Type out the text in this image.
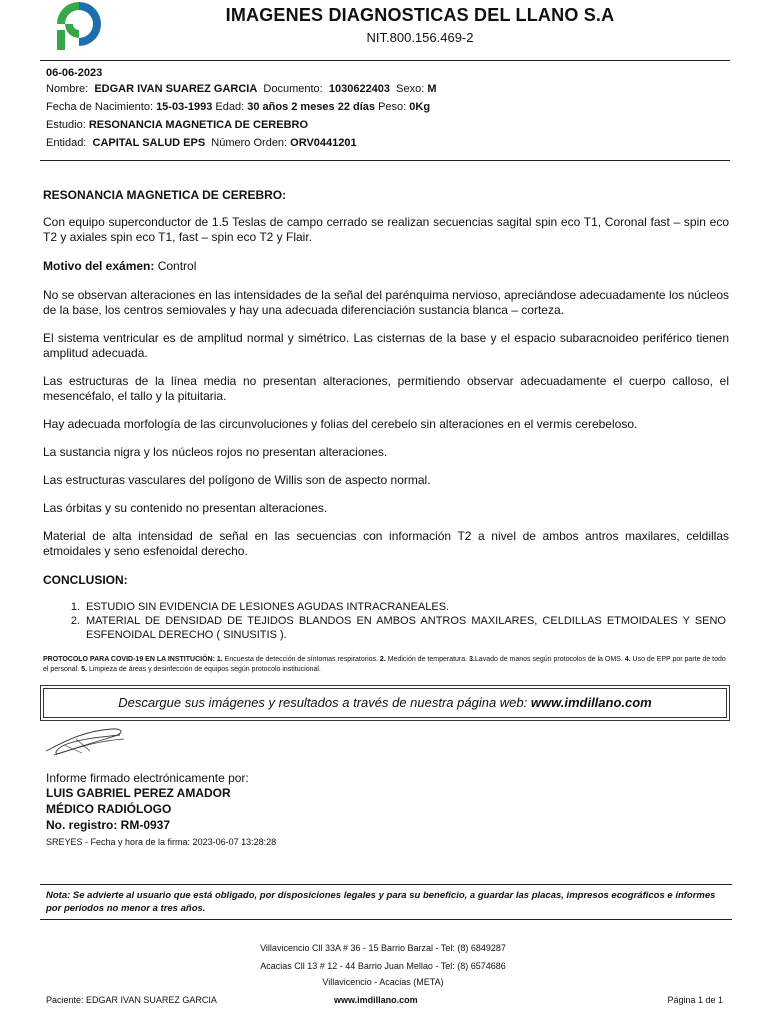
IMAGENES DIAGNOSTICAS DEL LLANO S.A
NIT.800.156.469-2
06-06-2023
Nombre: EDGAR IVAN SUAREZ GARCIA Documento: 1030622403 Sexo: M
Fecha de Nacimiento: 15-03-1993 Edad: 30 años 2 meses 22 días Peso: 0Kg
Estudio: RESONANCIA MAGNETICA DE CEREBRO
Entidad: CAPITAL SALUD EPS Número Orden: ORV0441201
RESONANCIA MAGNETICA DE CEREBRO:
Con equipo superconductor de 1.5 Teslas de campo cerrado se realizan secuencias sagital spin eco T1, Coronal fast – spin eco T2 y axiales spin eco T1, fast – spin eco T2 y Flair.
Motivo del exámen: Control
No se observan alteraciones en las intensidades de la señal del parénquima nervioso, apreciándose adecuadamente los núcleos de la base, los centros semiovales y hay una adecuada diferenciación sustancia blanca – corteza.
El sistema ventricular es de amplitud normal y simétrico. Las cisternas de la base y el espacio subaracnoideo periférico tienen amplitud adecuada.
Las estructuras de la línea media no presentan alteraciones, permitiendo observar adecuadamente el cuerpo calloso, el mesencéfalo, el tallo y la pituitaria.
Hay adecuada morfología de las circunvoluciones y folias del cerebelo sin alteraciones en el vermis cerebeloso.
La sustancia nigra y los núcleos rojos no presentan alteraciones.
Las estructuras vasculares del polígono de Willis son de aspecto normal.
Las órbitas y su contenido no presentan alteraciones.
Material de alta intensidad de señal en las secuencias con información T2 a nivel de ambos antros maxilares, celdillas etmoidales y seno esfenoidal derecho.
CONCLUSION:
1. ESTUDIO SIN EVIDENCIA DE LESIONES AGUDAS INTRACRANEALES.
2. MATERIAL DE DENSIDAD DE TEJIDOS BLANDOS EN AMBOS ANTROS MAXILARES, CELDILLAS ETMOIDALES Y SENO ESFENOIDAL DERECHO ( SINUSITIS ).
PROTOCOLO PARA COVID-19 EN LA INSTITUCIÓN: 1. Encuesta de detección de síntomas respiratorios. 2. Medición de temperatura. 3.Lavado de manos según protocolos de la OMS. 4. Uso de EPP por parte de todo el personal. 5. Limpieza de áreas y desinfección de equipos según protocolo institucional.
Descargue sus imágenes y resultados a través de nuestra página web: www.imdillano.com
Informe firmado electrónicamente por:
LUIS GABRIEL PEREZ AMADOR
MÉDICO RADIÓLOGO
No. registro: RM-0937
SREYES - Fecha y hora de la firma: 2023-06-07 13:28:28
Nota: Se advierte al usuario que está obligado, por disposiciones legales y para su beneficio, a guardar las placas, impresos ecográficos e informes por períodos no menor a tres años.
Villavicencio Cll 33A # 36 - 15 Barrio Barzal - Tel: (8) 6849287
Acacias Cll 13 # 12 - 44 Barrio Juan Mellao - Tel: (8) 6574686
Villavicencio - Acacias (META)
Paciente: EDGAR IVAN SUAREZ GARCIA	www.imdillano.com	Página 1 de 1
